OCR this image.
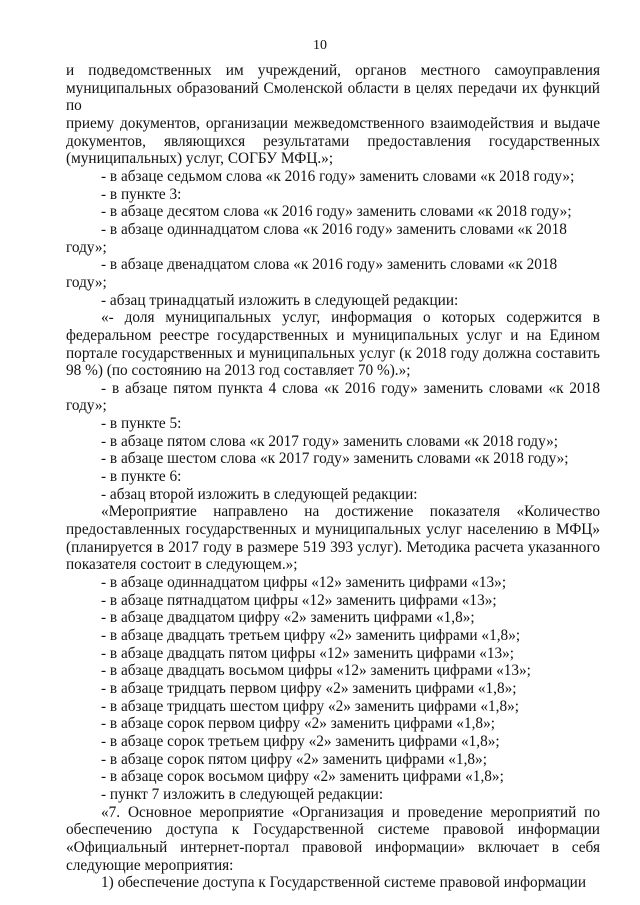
10

и подведомственных им учреждений, органов местного самоуправления

муниципальных образований Смоленской области в целях передачи их функций по

приему документов, организации межведомственного взаимодействия и выдаче

документов, являющихся результатами предоставления государственных

(муниципальных) услуг, СОГБУ МФЦ.»;

- в абзаце седьмом слова «к 2016 году» заменить словами «к 2018 году»;

- в пункте 3:

- в абзаце десятом слова «к 2016 году» заменить словами «к 2018 году»;

- в абзаце одиннадцатом слова «к 2016 году» заменить словами «к 2018 году»;

- в абзаце двенадцатом слова «к 2016 году» заменить словами «к 2018 году»;

- абзац тринадцатый изложить в следующей редакции:

«- доля муниципальных услуг, информация о которых содержится в федеральном реестре государственных и муниципальных услуг и на Едином портале государственных и муниципальных услуг (к 2018 году должна составить 98 %) (по состоянию на 2013 год составляет 70 %).»;

- в абзаце пятом пункта 4 слова «к 2016 году» заменить словами «к 2018 году»;

- в пункте 5:

- в абзаце пятом слова «к 2017 году» заменить словами «к 2018 году»;

- в абзаце шестом слова «к 2017 году» заменить словами «к 2018 году»;

- в пункте 6:

- абзац второй изложить в следующей редакции:

«Мероприятие направлено на достижение показателя «Количество предоставленных государственных и муниципальных услуг населению в МФЦ» (планируется в 2017 году в размере 519 393 услуг). Методика расчета указанного показателя состоит в следующем.»;

- в абзаце одиннадцатом цифры «12» заменить цифрами «13»;

- в абзаце пятнадцатом цифры «12» заменить цифрами «13»;

- в абзаце двадцатом цифру «2» заменить цифрами «1,8»;

- в абзаце двадцать третьем цифру «2» заменить цифрами «1,8»;

- в абзаце двадцать пятом цифры «12» заменить цифрами «13»;

- в абзаце двадцать восьмом цифры «12» заменить цифрами «13»;

- в абзаце тридцать первом цифру «2» заменить цифрами «1,8»;

- в абзаце тридцать шестом цифру «2» заменить цифрами «1,8»;

- в абзаце сорок первом цифру «2» заменить цифрами «1,8»;

- в абзаце сорок третьем цифру «2» заменить цифрами «1,8»;

- в абзаце сорок пятом цифру «2» заменить цифрами «1,8»;

- в абзаце сорок восьмом цифру «2» заменить цифрами «1,8»;

- пункт 7 изложить в следующей редакции:

«7. Основное мероприятие «Организация и проведение мероприятий по обеспечению доступа к Государственной системе правовой информации «Официальный интернет-портал правовой информации» включает в себя следующие мероприятия:

1) обеспечение доступа к Государственной системе правовой информации
